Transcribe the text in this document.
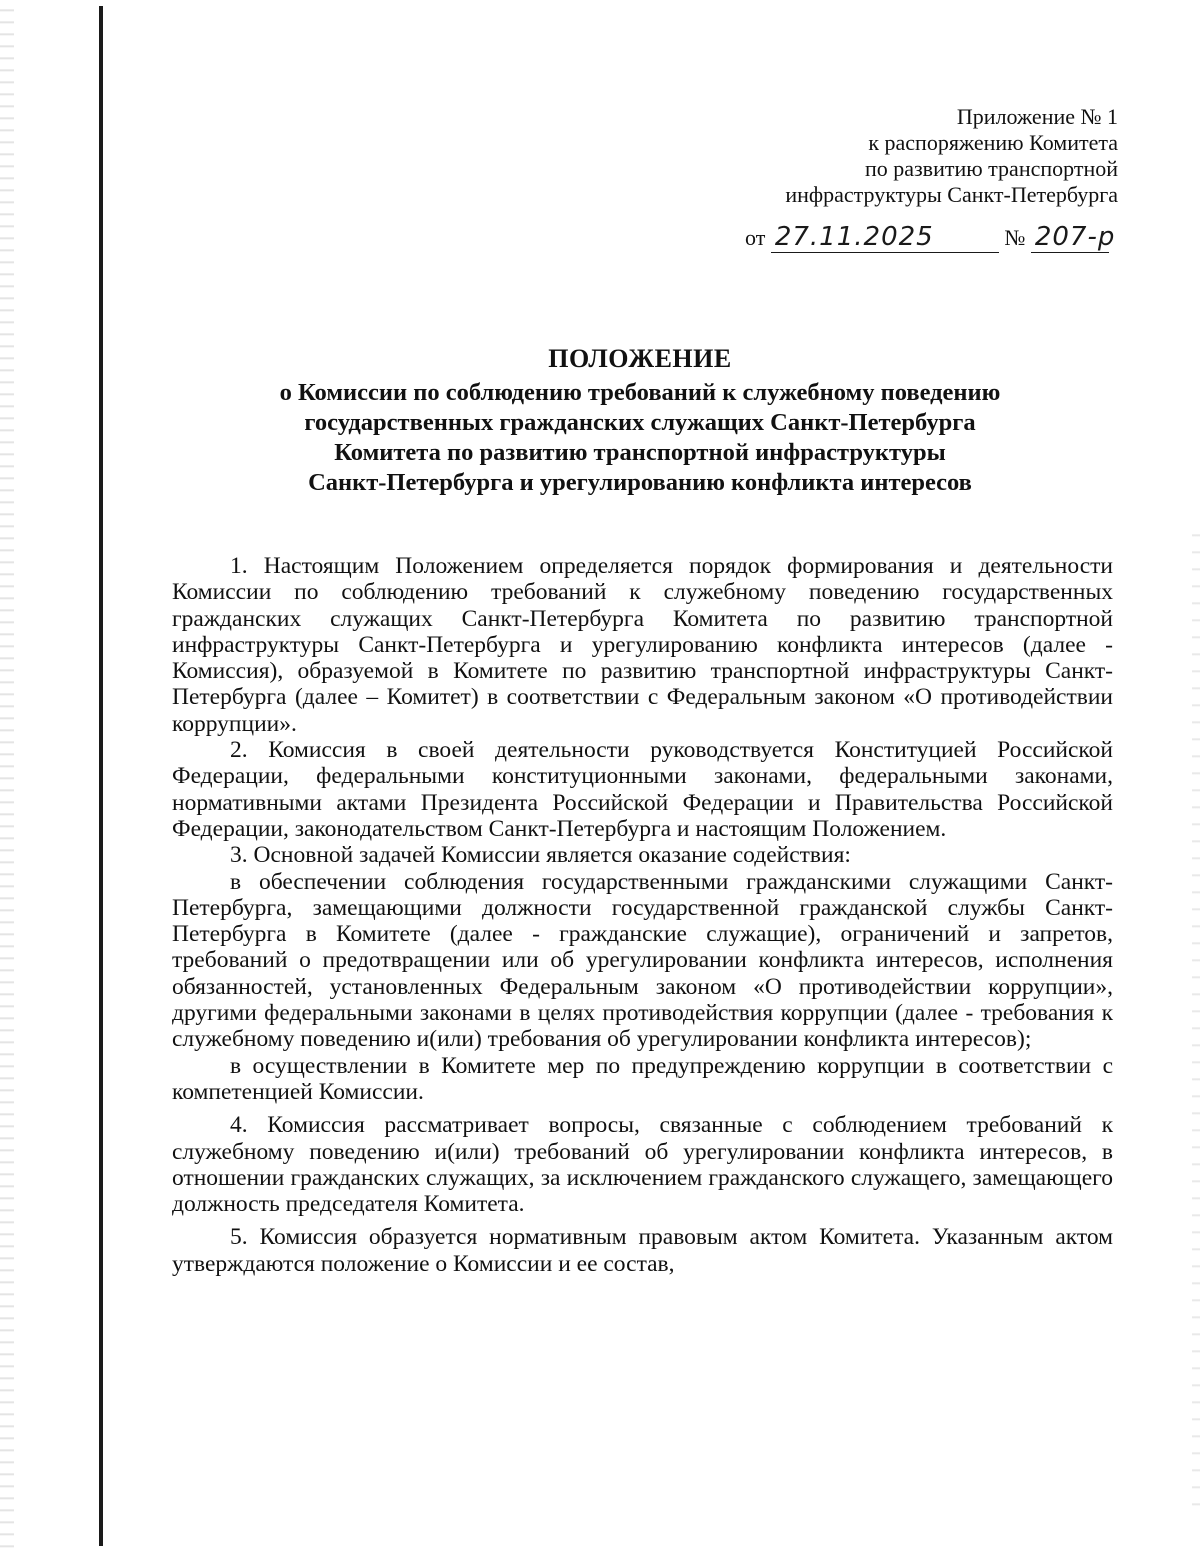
Приложение № 1
к распоряжению Комитета
по развитию транспортной
инфраструктуры Санкт-Петербурга
от 27.11.2025	№ 207-р
ПОЛОЖЕНИЕ
о Комиссии по соблюдению требований к служебному поведению
государственных гражданских служащих Санкт-Петербурга
Комитета по развитию транспортной инфраструктуры
Санкт-Петербурга и урегулированию конфликта интересов

1. Настоящим Положением определяется порядок формирования и деятельности Комиссии по соблюдению требований к служебному поведению государственных гражданских служащих Санкт-Петербурга Комитета по развитию транспортной инфраструктуры Санкт-Петербурга и урегулированию конфликта интересов (далее - Комиссия), образуемой в Комитете по развитию транспортной инфраструктуры Санкт-Петербурга (далее – Комитет) в соответствии с Федеральным законом «О противодействии коррупции».

2. Комиссия в своей деятельности руководствуется Конституцией Российской Федерации, федеральными конституционными законами, федеральными законами, нормативными актами Президента Российской Федерации и Правительства Российской Федерации, законодательством Санкт-Петербурга и настоящим Положением.

3. Основной задачей Комиссии является оказание содействия:

в обеспечении соблюдения государственными гражданскими служащими Санкт-Петербурга, замещающими должности государственной гражданской службы Санкт-Петербурга в Комитете (далее - гражданские служащие), ограничений и запретов, требований о предотвращении или об урегулировании конфликта интересов, исполнения обязанностей, установленных Федеральным законом «О противодействии коррупции», другими федеральными законами в целях противодействия коррупции (далее - требования к служебному поведению и(или) требования об урегулировании конфликта интересов);

в осуществлении в Комитете мер по предупреждению коррупции в соответствии с компетенцией Комиссии.

4. Комиссия рассматривает вопросы, связанные с соблюдением требований к служебному поведению и(или) требований об урегулировании конфликта интересов, в отношении гражданских служащих, за исключением гражданского служащего, замещающего должность председателя Комитета.

5. Комиссия образуется нормативным правовым актом Комитета. Указанным актом утверждаются положение о Комиссии и ее состав,
